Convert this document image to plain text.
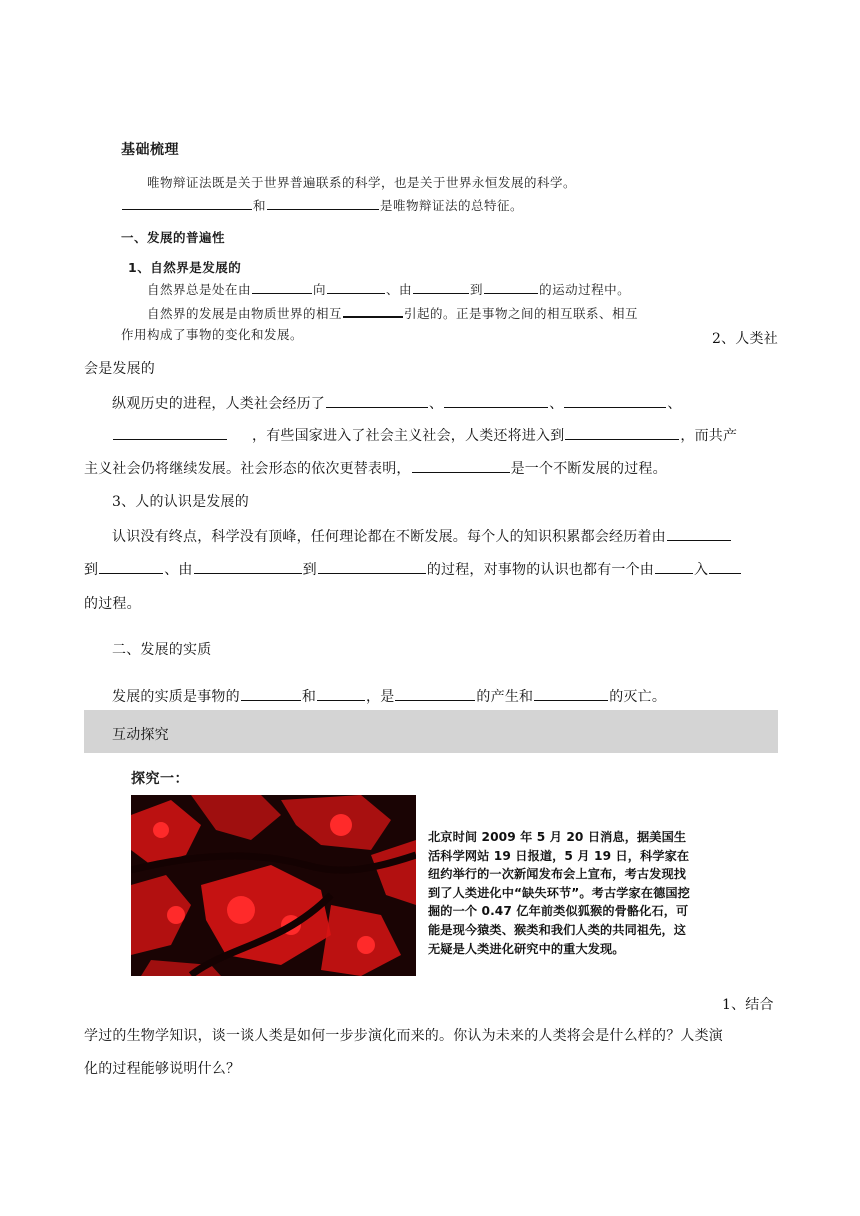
基础梳理
唯物辩证法既是关于世界普遍联系的科学，也是关于世界永恒发展的科学。
和	是唯物辩证法的总特征。
一、发展的普遍性
1、自然界是发展的
自然界总是处在由	向	、由	到	的运动过程中。
自然界的发展是由物质世界的相互	引起的。正是事物之间的相互联系、相互
作用构成了事物的变化和发展。	2、人类社
会是发展的
纵观历史的进程，人类社会经历了	、	、	、
，有些国家进入了社会主义社会，人类还将进入到	，而共产
主义社会仍将继续发展。社会形态的依次更替表明，	是一个不断发展的过程。
3、人的认识是发展的
认识没有终点，科学没有顶峰，任何理论都在不断发展。每个人的知识积累都会经历着由
到	、由	到	的过程，对事物的认识也都有一个由	入
的过程。
二、发展的实质
发展的实质是事物的	和	，是	的产生和	的灭亡。
互动探究
探究一：
北京时间 2009 年 5 月 20 日消息，据美国生活科学网站 19 日报道，5 月 19 日，科学家在纽约举行的一次新闻发布会上宣布，考古发现找到了人类进化中“缺失环节”。考古学家在德国挖掘的一个 0.47 亿年前类似狐猴的骨骼化石，可能是现今猿类、猴类和我们人类的共同祖先，这无疑是人类进化研究中的重大发现。
1、结合
学过的生物学知识，谈一谈人类是如何一步步演化而来的。你认为未来的人类将会是什么样的？人类演
化的过程能够说明什么？
